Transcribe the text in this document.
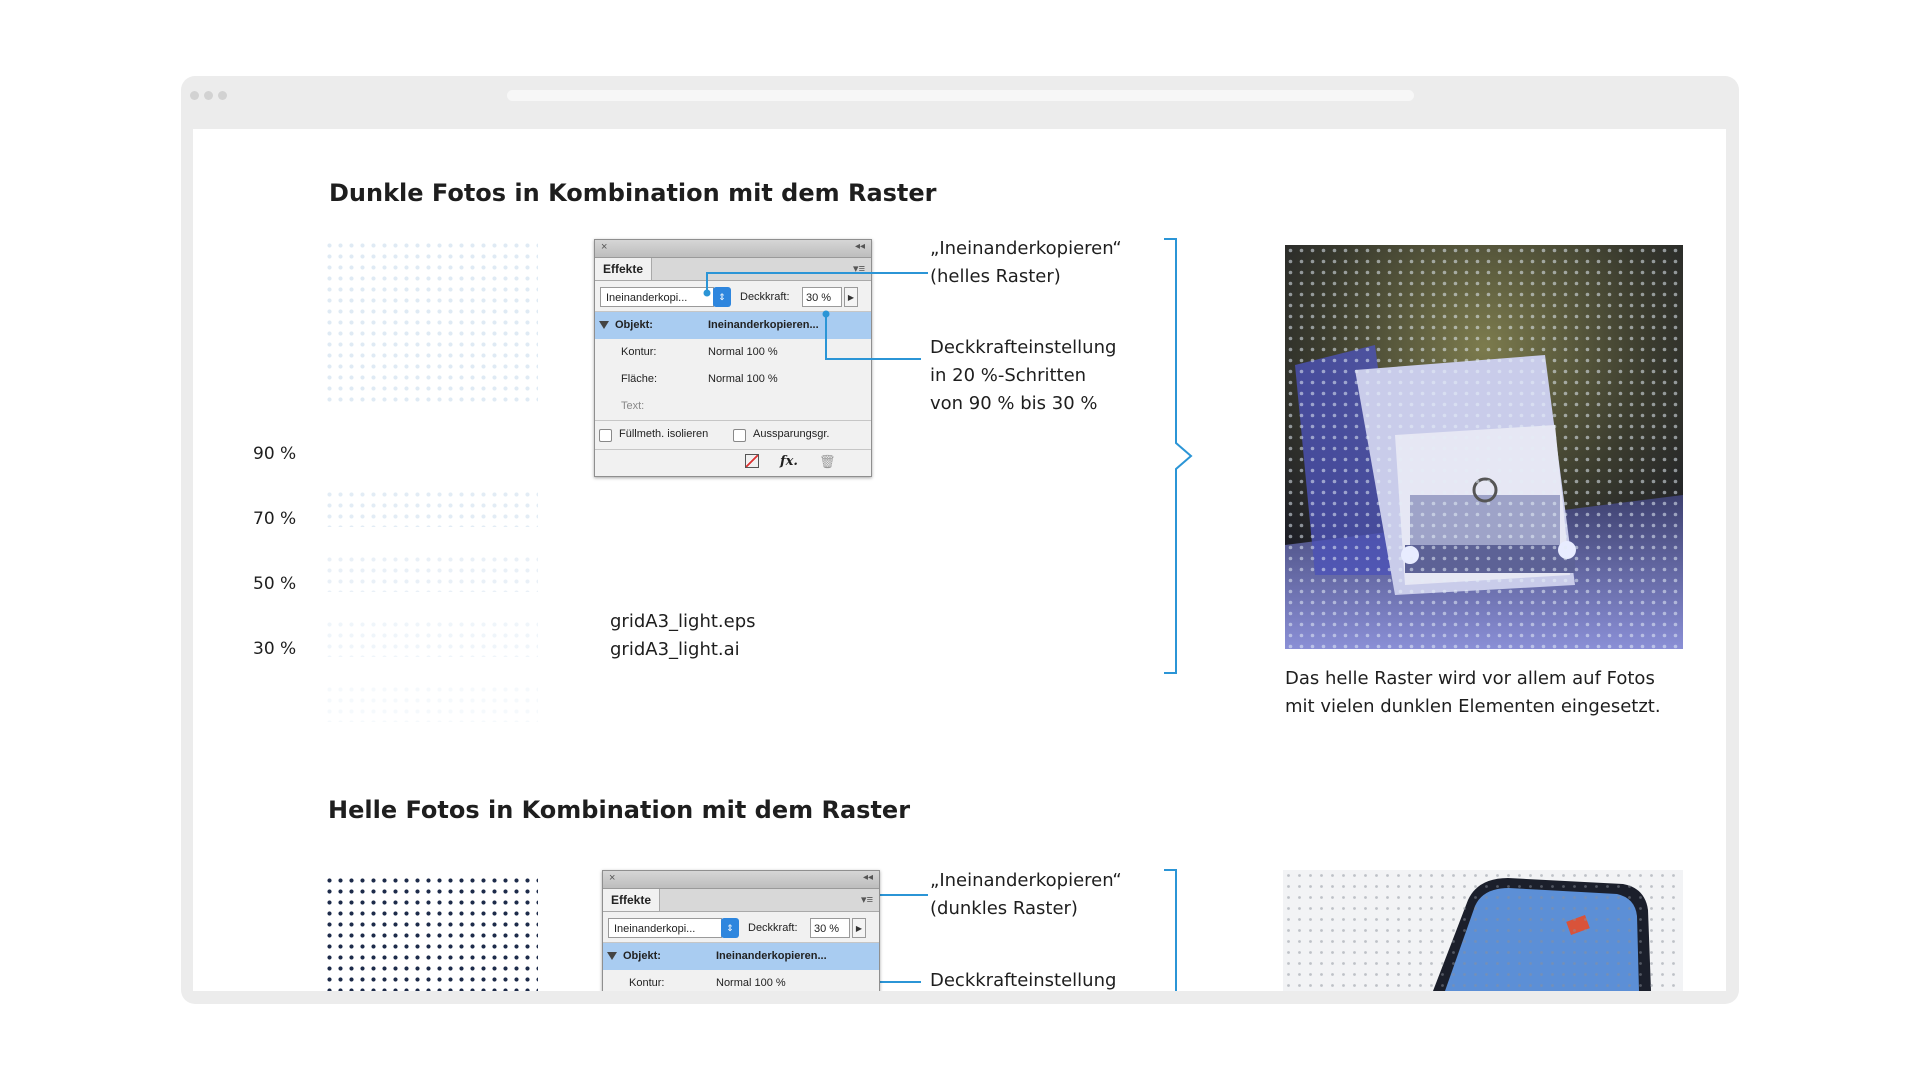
Dunkle Fotos in Kombination mit dem Raster
90 %
70 %
50 %
30 %
×	◂◂
Effekte	▾≡
Ineinanderkopi...	⇕	Deckkraft:	30 %	▶
Objekt:	Ineinanderkopieren...
Kontur:	Normal 100 %
Fläche:	Normal 100 %
Text:
Füllmeth. isolieren	Aussparungsgr.
fx. 🗑
„Ineinanderkopieren“
(helles Raster)
Deckkrafteinstellung
in 20 %-Schritten
von 90 % bis 30 %
gridA3_light.eps
gridA3_light.ai
Das helle Raster wird vor allem auf Fotos
mit vielen dunklen Elementen eingesetzt.
Helle Fotos in Kombination mit dem Raster
×	◂◂
Effekte	▾≡
Ineinanderkopi...	⇕	Deckkraft:	30 %	▶
Objekt:	Ineinanderkopieren...
Kontur:	Normal 100 %
„Ineinanderkopieren“
(dunkles Raster)
Deckkrafteinstellung
